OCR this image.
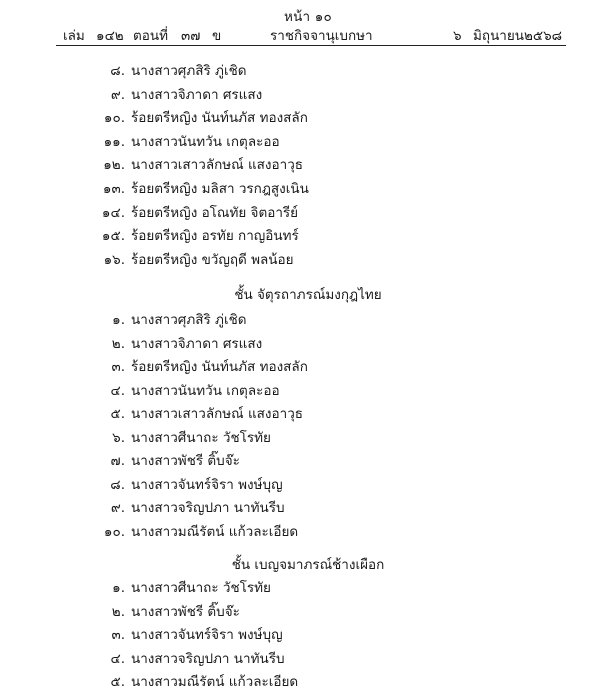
หน้า ๑๐
เล่ม ๑๔๒ ตอนที่ ๓๗ ข	ราชกิจจานุเบกษา	๖ มิถุนายน ๒๕๖๘
๘. นางสาวศุภสิริ ภู่เชิด
๙. นางสาวจิภาดา ศรแสง
๑๐. ร้อยตรีหญิง นันท์นภัส ทองสลัก
๑๑. นางสาวนันทวัน เกตุละออ
๑๒. นางสาวเสาวลักษณ์ แสงอาวุธ
๑๓. ร้อยตรีหญิง มลิสา วรกฎสูงเนิน
๑๔. ร้อยตรีหญิง อโณทัย จิตอารีย์
๑๕. ร้อยตรีหญิง อรทัย กาญอินทร์
๑๖. ร้อยตรีหญิง ขวัญฤดี พลน้อย
ชั้น จัตุรถาภรณ์มงกุฎไทย
๑. นางสาวศุภสิริ ภู่เชิด
๒. นางสาวจิภาดา ศรแสง
๓. ร้อยตรีหญิง นันท์นภัส ทองสลัก
๔. นางสาวนันทวัน เกตุละออ
๕. นางสาวเสาวลักษณ์ แสงอาวุธ
๖. นางสาวศีนาถะ วัชโรทัย
๗. นางสาวพัชรี ติ๊บจ๊ะ
๘. นางสาวจันทร์จิรา พงษ์บุญ
๙. นางสาวจริญปภา นาทันรีบ
๑๐. นางสาวมณีรัตน์ แก้วละเอียด
ชั้น เบญจมาภรณ์ช้างเผือก
๑. นางสาวศีนาถะ วัชโรทัย
๒. นางสาวพัชรี ติ๊บจ๊ะ
๓. นางสาวจันทร์จิรา พงษ์บุญ
๔. นางสาวจริญปภา นาทันรีบ
๕. นางสาวมณีรัตน์ แก้วละเอียด
